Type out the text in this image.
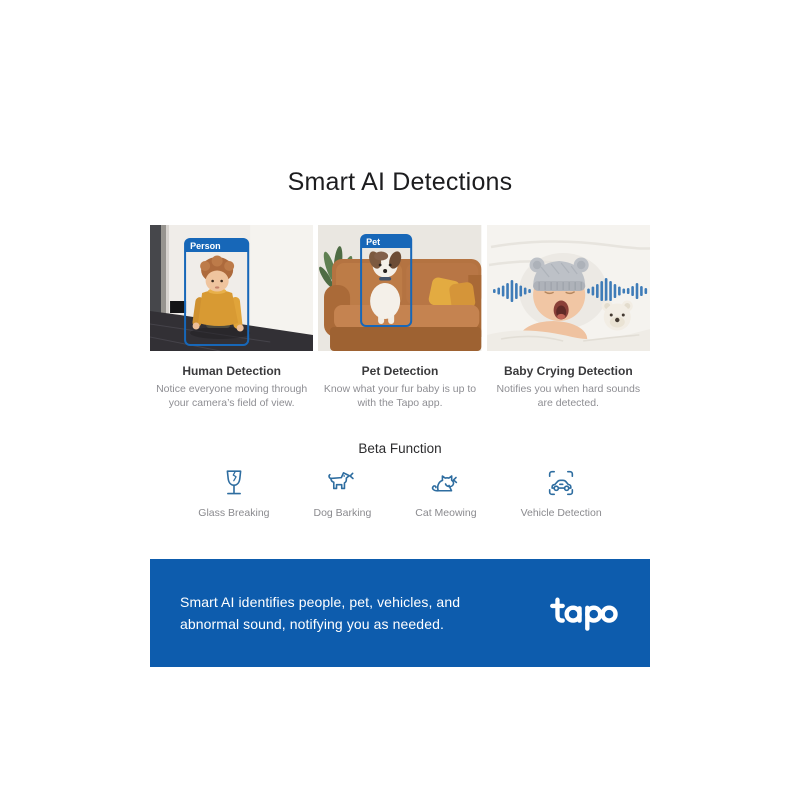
Smart AI Detections
Person
Human Detection
Notice everyone moving through your camera’s field of view.
Pet
Pet Detection
Know what your fur baby is up to with the Tapo app.
Baby Crying Detection
Notifies you when hard sounds are detected.
Beta Function
Glass Breaking	Dog Barking	Cat Meowing	Vehicle Detection
Smart AI identifies people, pet, vehicles, and
abnormal sound, notifying you as needed.
